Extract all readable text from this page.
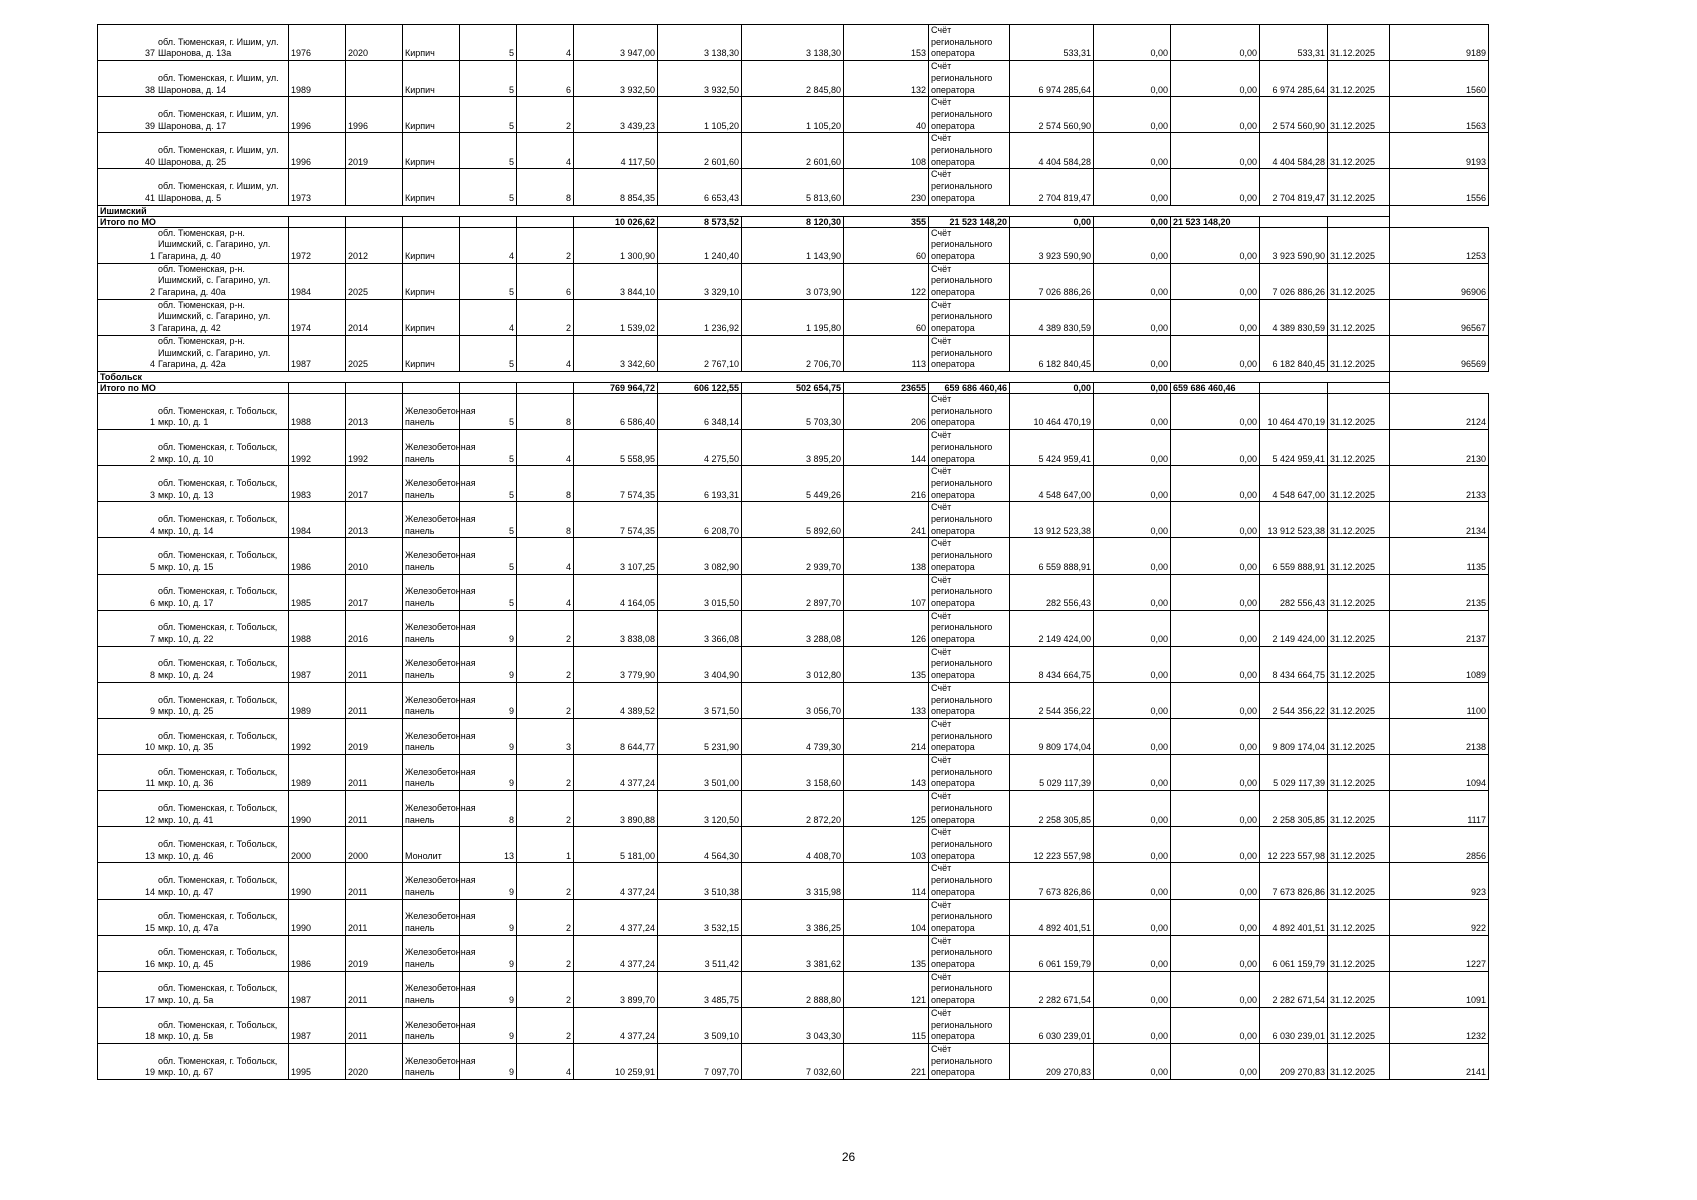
37
обл. Тюменская, г. Ишим, ул. Шаронова, д. 13а	1976	2020	Кирпич	5	4	3 947,00	3 138,30	3 138,30	153	Счёт регионального оператора	533,31	0,00	0,00	533,31	31.12.2025	9189

38
обл. Тюменская, г. Ишим, ул. Шаронова, д. 14	1989		Кирпич	5	6	3 932,50	3 932,50	2 845,80	132	Счёт регионального оператора	6 974 285,64	0,00	0,00	6 974 285,64	31.12.2025	1560

39
обл. Тюменская, г. Ишим, ул. Шаронова, д. 17	1996	1996	Кирпич	5	2	3 439,23	1 105,20	1 105,20	40	Счёт регионального оператора	2 574 560,90	0,00	0,00	2 574 560,90	31.12.2025	1563

40
обл. Тюменская, г. Ишим, ул. Шаронова, д. 25	1996	2019	Кирпич	5	4	4 117,50	2 601,60	2 601,60	108	Счёт регионального оператора	4 404 584,28	0,00	0,00	4 404 584,28	31.12.2025	9193

41
обл. Тюменская, г. Ишим, ул. Шаронова, д. 5	1973		Кирпич	5	8	8 854,35	6 653,43	5 813,60	230	Счёт регионального оператора	2 704 819,47	0,00	0,00	2 704 819,47	31.12.2025	1556
Ишимский																
Итого по МО						10 026,62	8 573,52	8 120,30	355	21 523 148,20	0,00	0,00	21 523 148,20			

1
обл. Тюменская, р-н. Ишимский, с. Гагарино, ул. Гагарина, д. 40	1972	2012	Кирпич	4	2	1 300,90	1 240,40	1 143,90	60	Счёт регионального оператора	3 923 590,90	0,00	0,00	3 923 590,90	31.12.2025	1253

2
обл. Тюменская, р-н. Ишимский, с. Гагарино, ул. Гагарина, д. 40а	1984	2025	Кирпич	5	6	3 844,10	3 329,10	3 073,90	122	Счёт регионального оператора	7 026 886,26	0,00	0,00	7 026 886,26	31.12.2025	96906

3
обл. Тюменская, р-н. Ишимский, с. Гагарино, ул. Гагарина, д. 42	1974	2014	Кирпич	4	2	1 539,02	1 236,92	1 195,80	60	Счёт регионального оператора	4 389 830,59	0,00	0,00	4 389 830,59	31.12.2025	96567

4
обл. Тюменская, р-н. Ишимский, с. Гагарино, ул. Гагарина, д. 42а	1987	2025	Кирпич	5	4	3 342,60	2 767,10	2 706,70	113	Счёт регионального оператора	6 182 840,45	0,00	0,00	6 182 840,45	31.12.2025	96569
Тобольск																
Итого по МО						769 964,72	606 122,55	502 654,75	23655	659 686 460,46	0,00	0,00	659 686 460,46			

1
обл. Тюменская, г. Тобольск, мкр. 10, д. 1	1988	2013	Железобетонная панель	5	8	6 586,40	6 348,14	5 703,30	206	Счёт регионального оператора	10 464 470,19	0,00	0,00	10 464 470,19	31.12.2025	2124

2
обл. Тюменская, г. Тобольск, мкр. 10, д. 10	1992	1992	Железобетонная панель	5	4	5 558,95	4 275,50	3 895,20	144	Счёт регионального оператора	5 424 959,41	0,00	0,00	5 424 959,41	31.12.2025	2130

3
обл. Тюменская, г. Тобольск, мкр. 10, д. 13	1983	2017	Железобетонная панель	5	8	7 574,35	6 193,31	5 449,26	216	Счёт регионального оператора	4 548 647,00	0,00	0,00	4 548 647,00	31.12.2025	2133

4
обл. Тюменская, г. Тобольск, мкр. 10, д. 14	1984	2013	Железобетонная панель	5	8	7 574,35	6 208,70	5 892,60	241	Счёт регионального оператора	13 912 523,38	0,00	0,00	13 912 523,38	31.12.2025	2134

5
обл. Тюменская, г. Тобольск, мкр. 10, д. 15	1986	2010	Железобетонная панель	5	4	3 107,25	3 082,90	2 939,70	138	Счёт регионального оператора	6 559 888,91	0,00	0,00	6 559 888,91	31.12.2025	1135

6
обл. Тюменская, г. Тобольск, мкр. 10, д. 17	1985	2017	Железобетонная панель	5	4	4 164,05	3 015,50	2 897,70	107	Счёт регионального оператора	282 556,43	0,00	0,00	282 556,43	31.12.2025	2135

7
обл. Тюменская, г. Тобольск, мкр. 10, д. 22	1988	2016	Железобетонная панель	9	2	3 838,08	3 366,08	3 288,08	126	Счёт регионального оператора	2 149 424,00	0,00	0,00	2 149 424,00	31.12.2025	2137

8
обл. Тюменская, г. Тобольск, мкр. 10, д. 24	1987	2011	Железобетонная панель	9	2	3 779,90	3 404,90	3 012,80	135	Счёт регионального оператора	8 434 664,75	0,00	0,00	8 434 664,75	31.12.2025	1089

9
обл. Тюменская, г. Тобольск, мкр. 10, д. 25	1989	2011	Железобетонная панель	9	2	4 389,52	3 571,50	3 056,70	133	Счёт регионального оператора	2 544 356,22	0,00	0,00	2 544 356,22	31.12.2025	1100

10
обл. Тюменская, г. Тобольск, мкр. 10, д. 35	1992	2019	Железобетонная панель	9	3	8 644,77	5 231,90	4 739,30	214	Счёт регионального оператора	9 809 174,04	0,00	0,00	9 809 174,04	31.12.2025	2138

11
обл. Тюменская, г. Тобольск, мкр. 10, д. 36	1989	2011	Железобетонная панель	9	2	4 377,24	3 501,00	3 158,60	143	Счёт регионального оператора	5 029 117,39	0,00	0,00	5 029 117,39	31.12.2025	1094

12
обл. Тюменская, г. Тобольск, мкр. 10, д. 41	1990	2011	Железобетонная панель	8	2	3 890,88	3 120,50	2 872,20	125	Счёт регионального оператора	2 258 305,85	0,00	0,00	2 258 305,85	31.12.2025	1117

13
обл. Тюменская, г. Тобольск, мкр. 10, д. 46	2000	2000	Монолит	13	1	5 181,00	4 564,30	4 408,70	103	Счёт регионального оператора	12 223 557,98	0,00	0,00	12 223 557,98	31.12.2025	2856

14
обл. Тюменская, г. Тобольск, мкр. 10, д. 47	1990	2011	Железобетонная панель	9	2	4 377,24	3 510,38	3 315,98	114	Счёт регионального оператора	7 673 826,86	0,00	0,00	7 673 826,86	31.12.2025	923

15
обл. Тюменская, г. Тобольск, мкр. 10, д. 47а	1990	2011	Железобетонная панель	9	2	4 377,24	3 532,15	3 386,25	104	Счёт регионального оператора	4 892 401,51	0,00	0,00	4 892 401,51	31.12.2025	922

16
обл. Тюменская, г. Тобольск, мкр. 10, д. 45	1986	2019	Железобетонная панель	9	2	4 377,24	3 511,42	3 381,62	135	Счёт регионального оператора	6 061 159,79	0,00	0,00	6 061 159,79	31.12.2025	1227

17
обл. Тюменская, г. Тобольск, мкр. 10, д. 5а	1987	2011	Железобетонная панель	9	2	3 899,70	3 485,75	2 888,80	121	Счёт регионального оператора	2 282 671,54	0,00	0,00	2 282 671,54	31.12.2025	1091

18
обл. Тюменская, г. Тобольск, мкр. 10, д. 5в	1987	2011	Железобетонная панель	9	2	4 377,24	3 509,10	3 043,30	115	Счёт регионального оператора	6 030 239,01	0,00	0,00	6 030 239,01	31.12.2025	1232

19
обл. Тюменская, г. Тобольск, мкр. 10, д. 67	1995	2020	Железобетонная панель	9	4	10 259,91	7 097,70	7 032,60	221	Счёт регионального оператора	209 270,83	0,00	0,00	209 270,83	31.12.2025	2141
26
